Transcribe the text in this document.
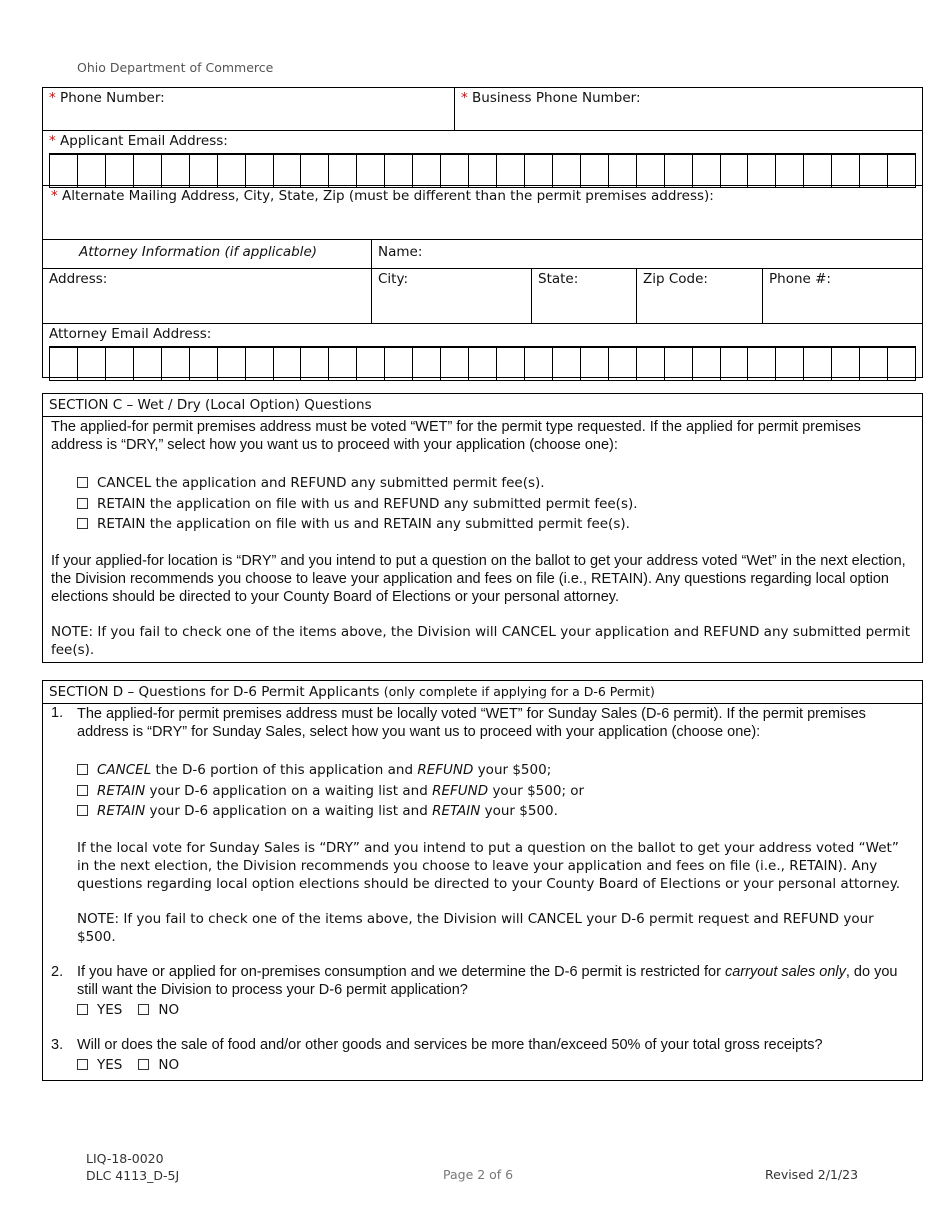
Ohio Department of Commerce
* Phone Number:	* Business Phone Number:
* Applicant Email Address:
* Alternate Mailing Address, City, State, Zip (must be different than the permit premises address):
Attorney Information (if applicable)	Name:
Address:	City:	State:	Zip Code:	Phone #:
Attorney Email Address:
SECTION C – Wet / Dry (Local Option) Questions
The applied-for permit premises address must be voted “WET” for the permit type requested. If the applied for permit premises address is “DRY,” select how you want us to proceed with your application (choose one):
CANCEL the application and REFUND any submitted permit fee(s).
RETAIN the application on file with us and REFUND any submitted permit fee(s).
RETAIN the application on file with us and RETAIN any submitted permit fee(s).
If your applied-for location is “DRY” and you intend to put a question on the ballot to get your address voted “Wet” in the next election, the Division recommends you choose to leave your application and fees on file (i.e., RETAIN). Any questions regarding local option elections should be directed to your County Board of Elections or your personal attorney.
NOTE: If you fail to check one of the items above, the Division will CANCEL your application and REFUND any submitted permit fee(s).
SECTION D – Questions for D-6 Permit Applicants (only complete if applying for a D-6 Permit)
1. The applied-for permit premises address must be locally voted “WET” for Sunday Sales (D-6 permit). If the permit premises address is “DRY” for Sunday Sales, select how you want us to proceed with your application (choose one):
CANCEL the D-6 portion of this application and REFUND your $500;
RETAIN your D-6 application on a waiting list and REFUND your $500; or
RETAIN your D-6 application on a waiting list and RETAIN your $500.
If the local vote for Sunday Sales is “DRY” and you intend to put a question on the ballot to get your address voted “Wet” in the next election, the Division recommends you choose to leave your application and fees on file (i.e., RETAIN). Any questions regarding local option elections should be directed to your County Board of Elections or your personal attorney.
NOTE: If you fail to check one of the items above, the Division will CANCEL your D-6 permit request and REFUND your $500.
2. If you have or applied for on-premises consumption and we determine the D-6 permit is restricted for carryout sales only, do you still want the Division to process your D-6 permit application?
YES	NO
3. Will or does the sale of food and/or other goods and services be more than/exceed 50% of your total gross receipts?
YES	NO
LIQ-18-0020
DLC 4113_D-5J	Page 2 of 6	Revised 2/1/23
